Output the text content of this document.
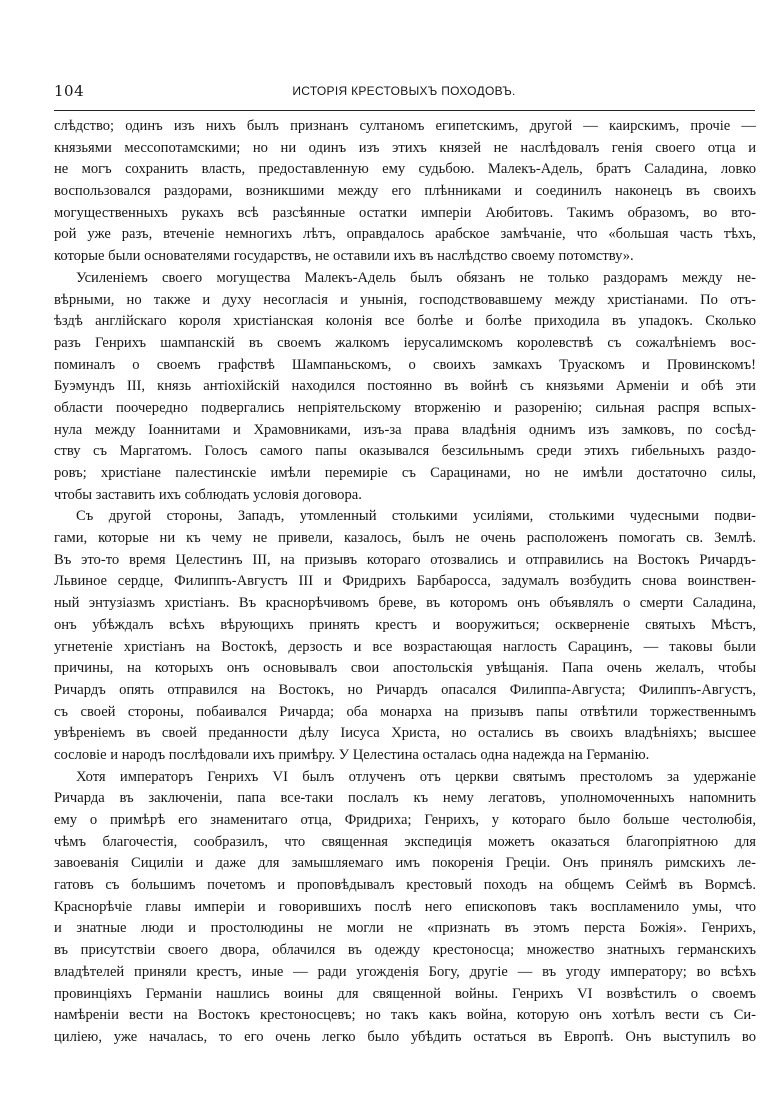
104	ИСТОРІЯ КРЕСТОВЫХЪ ПОХОДОВЪ.
слѣдство; одинъ изъ нихъ былъ признанъ султаномъ египетскимъ, другой — каирскимъ, прочіе —
князьями мессопотамскими; но ни одинъ изъ этихъ князей не наслѣдовалъ генія своего отца и
не могъ сохранить власть, предоставленную ему судьбою. Малекъ-Адель, братъ Саладина, ловко
воспользовался раздорами, возникшими между его плѣнниками и соединилъ наконецъ въ своихъ
могущественныхъ рукахъ всѣ разсѣянные остатки имперіи Аюбитовъ. Такимъ образомъ, во вто-
рой уже разъ, втеченіе немногихъ лѣтъ, оправдалось арабское замѣчаніе, что «большая часть тѣхъ,
которые были основателями государствъ, не оставили ихъ въ наслѣдство своему потомству».
Усиленіемъ своего могущества Малекъ-Адель былъ обязанъ не только раздорамъ между не-
вѣрными, но также и духу несогласія и унынія, господствовавшему между христіанами. По отъ-
ѣздѣ англійскаго короля христіанская колонія все болѣе и болѣе приходила въ упадокъ. Сколько
разъ Генрихъ шампанскій въ своемъ жалкомъ іерусалимскомъ королевствѣ съ сожалѣніемъ вос-
поминалъ о своемъ графствѣ Шампаньскомъ, о своихъ замкахъ Труаскомъ и Провинскомъ!
Буэмундъ III, князь антіохійскій находился постоянно въ войнѣ съ князьями Арменіи и обѣ эти
области поочередно подвергались непріятельскому вторженію и разоренію; сильная распря вспых-
нула между Іоаннитами и Храмовниками, изъ-за права владѣнія однимъ изъ замковъ, по сосѣд-
ству съ Маргатомъ. Голосъ самого папы оказывался безсильнымъ среди этихъ гибельныхъ раздо-
ровъ; христіане палестинскіе имѣли перемиріе съ Сарацинами, но не имѣли достаточно силы,
чтобы заставить ихъ соблюдать условія договора.
Съ другой стороны, Западъ, утомленный столькими усиліями, столькими чудесными подви-
гами, которые ни къ чему не привели, казалось, былъ не очень расположенъ помогать св. Землѣ.
Въ это-то время Целестинъ III, на призывъ котораго отозвались и отправились на Востокъ Ричардъ-
Львиное сердце, Филиппъ-Августъ III и Фридрихъ Барбаросса, задумалъ возбудить снова воинствен-
ный энтузіазмъ христіанъ. Въ краснорѣчивомъ бреве, въ которомъ онъ объявлялъ о смерти Саладина,
онъ убѣждалъ всѣхъ вѣрующихъ принять крестъ и вооружиться; оскверненіе святыхъ Мѣстъ,
угнетеніе христіанъ на Востокѣ, дерзость и все возрастающая наглость Сарацинъ, — таковы были
причины, на которыхъ онъ основывалъ свои апостольскія увѣщанія. Папа очень желалъ, чтобы
Ричардъ опять отправился на Востокъ, но Ричардъ опасался Филиппа-Августа; Филиппъ-Августъ,
съ своей стороны, побаивался Ричарда; оба монарха на призывъ папы отвѣтили торжественнымъ
увѣреніемъ въ своей преданности дѣлу Іисуса Христа, но остались въ своихъ владѣніяхъ; высшее
сословіе и народъ послѣдовали ихъ примѣру. У Целестина осталась одна надежда на Германію.
Хотя императоръ Генрихъ VI былъ отлученъ отъ церкви святымъ престоломъ за удержаніе
Ричарда въ заключеніи, папа все-таки послалъ къ нему легатовъ, уполномоченныхъ напомнить
ему о примѣрѣ его знаменитаго отца, Фридриха; Генрихъ, у котораго было больше честолюбія,
чѣмъ благочестія, сообразилъ, что священная экспедиція можетъ оказаться благопріятною для
завоеванія Сициліи и даже для замышляемаго имъ покоренія Греціи. Онъ принялъ римскихъ ле-
гатовъ съ большимъ почетомъ и проповѣдывалъ крестовый походъ на общемъ Сеймѣ въ Вормсѣ.
Краснорѣчіе главы имперіи и говорившихъ послѣ него епископовъ такъ воспламенило умы, что
и знатные люди и простолюдины не могли не «признать въ этомъ перста Божія». Генрихъ,
въ присутствіи своего двора, облачился въ одежду крестоносца; множество знатныхъ германскихъ
владѣтелей приняли крестъ, иные — ради угожденія Богу, другіе — въ угоду императору; во всѣхъ
провинціяхъ Германіи нашлись воины для священной войны. Генрихъ VI возвѣстилъ о своемъ
намѣреніи вести на Востокъ крестоносцевъ; но такъ какъ война, которую онъ хотѣлъ вести съ Си-
циліею, уже началась, то его очень легко было убѣдить остаться въ Европѣ. Онъ выступилъ во
